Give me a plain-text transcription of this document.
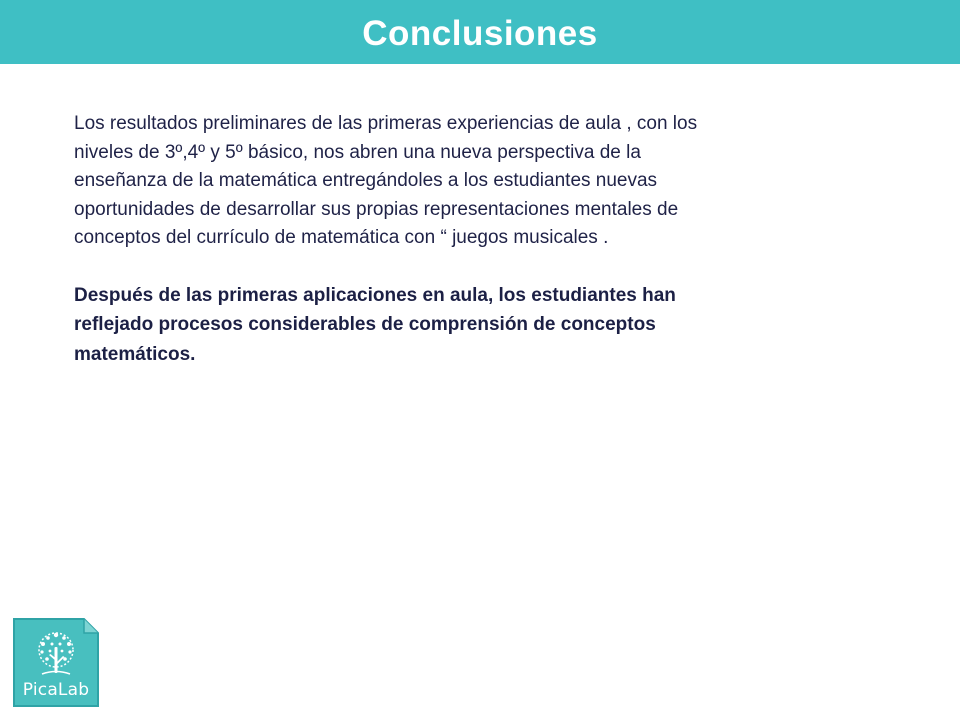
Conclusiones

Los resultados preliminares de las primeras experiencias de aula , con los
niveles de 3º,4º y 5º básico, nos abren una nueva perspectiva de la
enseñanza de la matemática entregándoles a los estudiantes nuevas
oportunidades de desarrollar sus propias representaciones mentales de
conceptos del currículo de matemática con “ juegos musicales .

Después de las primeras aplicaciones en aula, los estudiantes han
reflejado procesos considerables de comprensión de conceptos
matemáticos.

PicaLab
